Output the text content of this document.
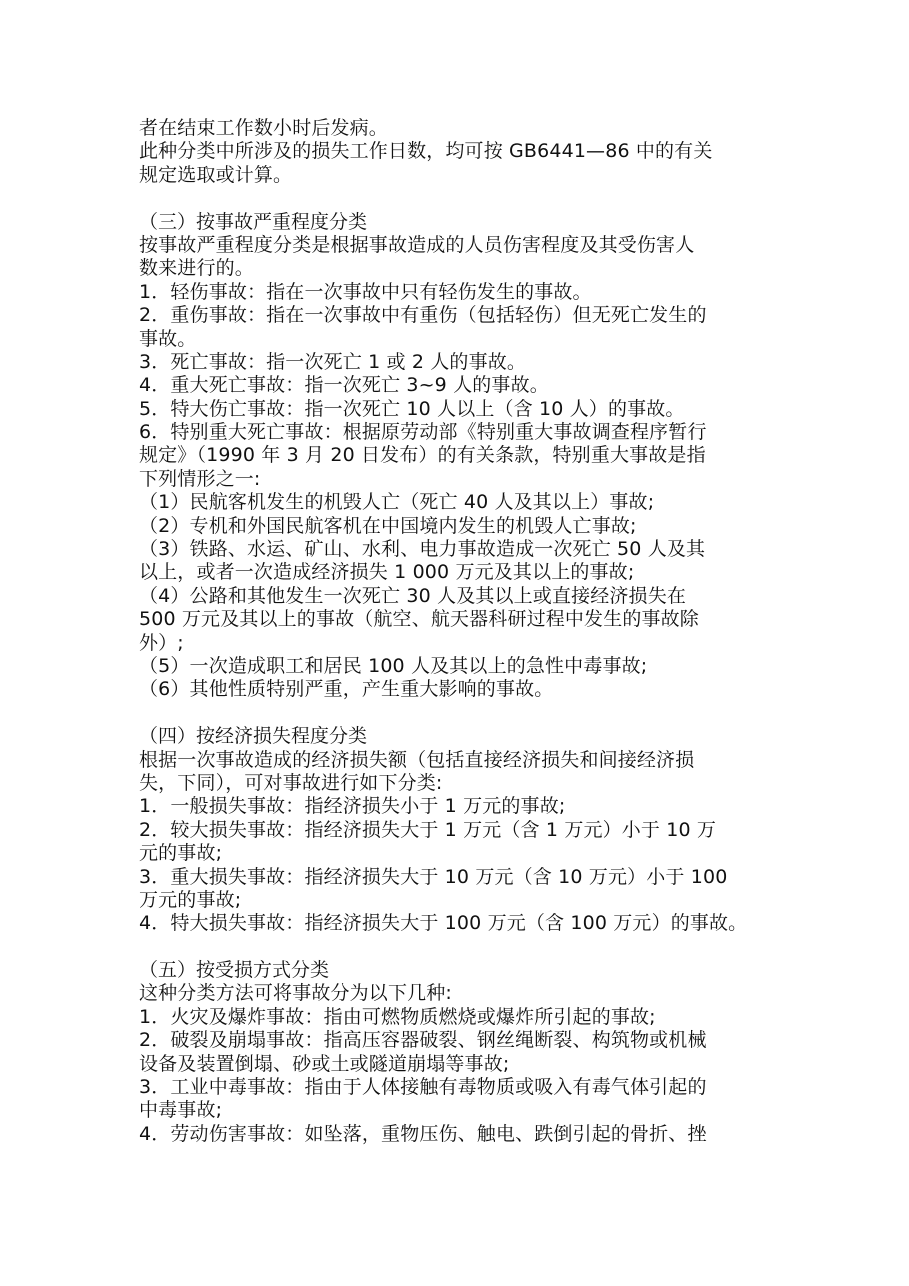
者在结束工作数小时后发病。
此种分类中所涉及的损失工作日数，均可按 GB6441—86 中的有关
规定选取或计算。
（三）按事故严重程度分类
按事故严重程度分类是根据事故造成的人员伤害程度及其受伤害人
数来进行的。
1．轻伤事故：指在一次事故中只有轻伤发生的事故。
2．重伤事故：指在一次事故中有重伤（包括轻伤）但无死亡发生的
事故。
3．死亡事故：指一次死亡 1 或 2 人的事故。
4．重大死亡事故：指一次死亡 3~9 人的事故。
5．特大伤亡事故：指一次死亡 10 人以上（含 10 人）的事故。
6．特别重大死亡事故：根据原劳动部《特别重大事故调查程序暂行
规定》（1990 年 3 月 20 日发布）的有关条款，特别重大事故是指
下列情形之一:
（1）民航客机发生的机毁人亡（死亡 40 人及其以上）事故;
（2）专机和外国民航客机在中国境内发生的机毁人亡事故;
（3）铁路、水运、矿山、水利、电力事故造成一次死亡 50 人及其
以上，或者一次造成经济损失 1 000 万元及其以上的事故;
（4）公路和其他发生一次死亡 30 人及其以上或直接经济损失在
500 万元及其以上的事故（航空、航天器科研过程中发生的事故除
外）;
（5）一次造成职工和居民 100 人及其以上的急性中毒事故;
（6）其他性质特别严重，产生重大影响的事故。
（四）按经济损失程度分类
根据一次事故造成的经济损失额（包括直接经济损失和间接经济损
失，下同），可对事故进行如下分类:
1．一般损失事故：指经济损失小于 1 万元的事故;
2．较大损失事故：指经济损失大于 1 万元（含 1 万元）小于 10 万
元的事故;
3．重大损失事故：指经济损失大于 10 万元（含 10 万元）小于 100
万元的事故;
4．特大损失事故：指经济损失大于 100 万元（含 100 万元）的事故。
（五）按受损方式分类
这种分类方法可将事故分为以下几种:
1．火灾及爆炸事故：指由可燃物质燃烧或爆炸所引起的事故;
2．破裂及崩塌事故：指高压容器破裂、钢丝绳断裂、构筑物或机械
设备及装置倒塌、砂或土或隧道崩塌等事故;
3．工业中毒事故：指由于人体接触有毒物质或吸入有毒气体引起的
中毒事故;
4．劳动伤害事故：如坠落，重物压伤、触电、跌倒引起的骨折、挫
